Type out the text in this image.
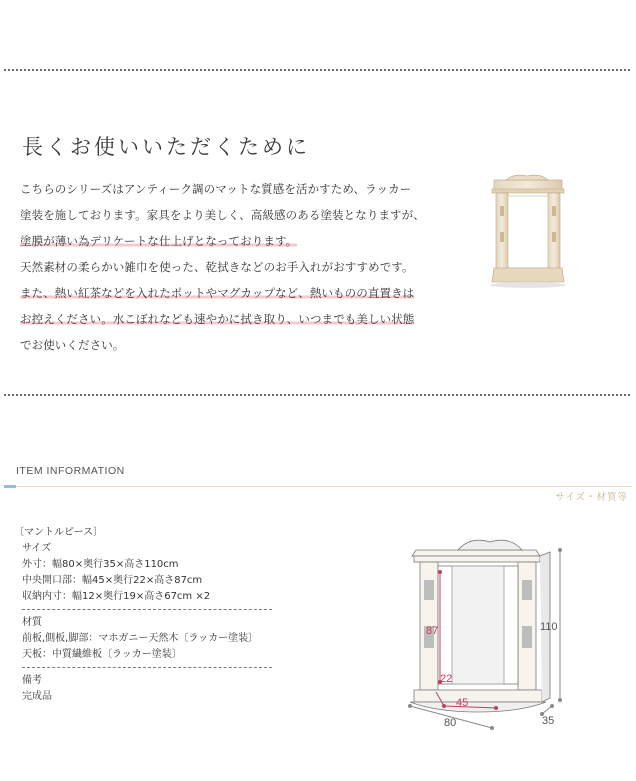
長くお使いいただくために
こちらのシリーズはアンティーク調のマットな質感を活かすため、ラッカー
塗装を施しております。家具をより美しく、高級感のある塗装となりますが、
塗膜が薄い為デリケートな仕上げとなっております。
天然素材の柔らかい雑巾を使った、乾拭きなどのお手入れがおすすめです。
また、熱い紅茶などを入れたポットやマグカップなど、熱いものの直置きは
お控えください。水こぼれなども速やかに拭き取り、いつまでも美しい状態
でお使いください。
ITEM INFORMATION
サイズ・材質等
〔マントルピース〕
サイズ
外寸：幅80×奥行35×高さ110cm
中央開口部：幅45×奥行22×高さ87cm
収納内寸：幅12×奥行19×高さ67cm ×2
材質
前板,側板,脚部：マホガニー天然木〔ラッカー塗装〕
天板：中質繊維板〔ラッカー塗装〕
備考
完成品
87
22
45
110
80	35
